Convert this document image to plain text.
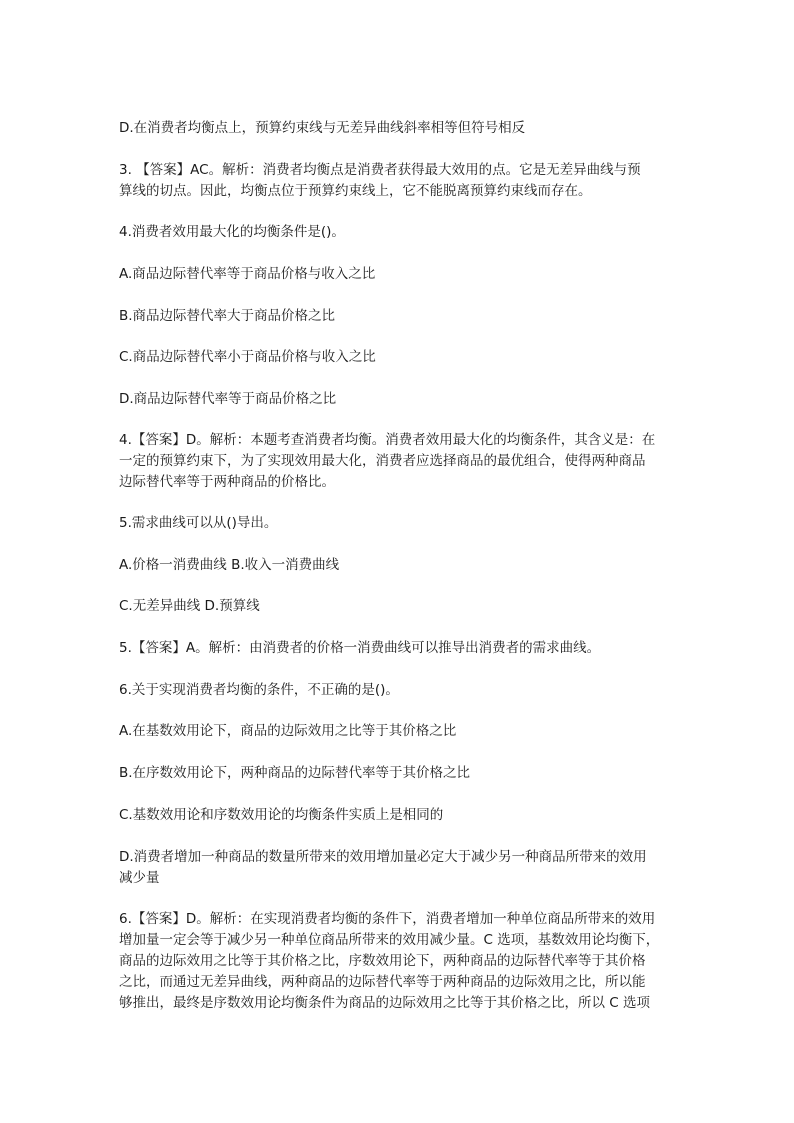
D.在消费者均衡点上，预算约束线与无差异曲线斜率相等但符号相反
3. 【答案】AC。解析：消费者均衡点是消费者获得最大效用的点。它是无差异曲线与预
算线的切点。因此，均衡点位于预算约束线上，它不能脱离预算约束线而存在。
4.消费者效用最大化的均衡条件是()。
A.商品边际替代率等于商品价格与收入之比
B.商品边际替代率大于商品价格之比
C.商品边际替代率小于商品价格与收入之比
D.商品边际替代率等于商品价格之比
4.【答案】D。解析：本题考查消费者均衡。消费者效用最大化的均衡条件，其含义是：在
一定的预算约束下，为了实现效用最大化，消费者应选择商品的最优组合，使得两种商品
边际替代率等于两种商品的价格比。
5.需求曲线可以从()导出。
A.价格一消费曲线 B.收入一消费曲线
C.无差异曲线 D.预算线
5.【答案】A。解析：由消费者的价格一消费曲线可以推导出消费者的需求曲线。
6.关于实现消费者均衡的条件，不正确的是()。
A.在基数效用论下，商品的边际效用之比等于其价格之比
B.在序数效用论下，两种商品的边际替代率等于其价格之比
C.基数效用论和序数效用论的均衡条件实质上是相同的
D.消费者增加一种商品的数量所带来的效用增加量必定大于减少另一种商品所带来的效用
减少量
6.【答案】D。解析：在实现消费者均衡的条件下，消费者增加一种单位商品所带来的效用
增加量一定会等于减少另一种单位商品所带来的效用减少量。C 选项，基数效用论均衡下，
商品的边际效用之比等于其价格之比，序数效用论下，两种商品的边际替代率等于其价格
之比，而通过无差异曲线，两种商品的边际替代率等于两种商品的边际效用之比，所以能
够推出，最终是序数效用论均衡条件为商品的边际效用之比等于其价格之比，所以 C 选项
